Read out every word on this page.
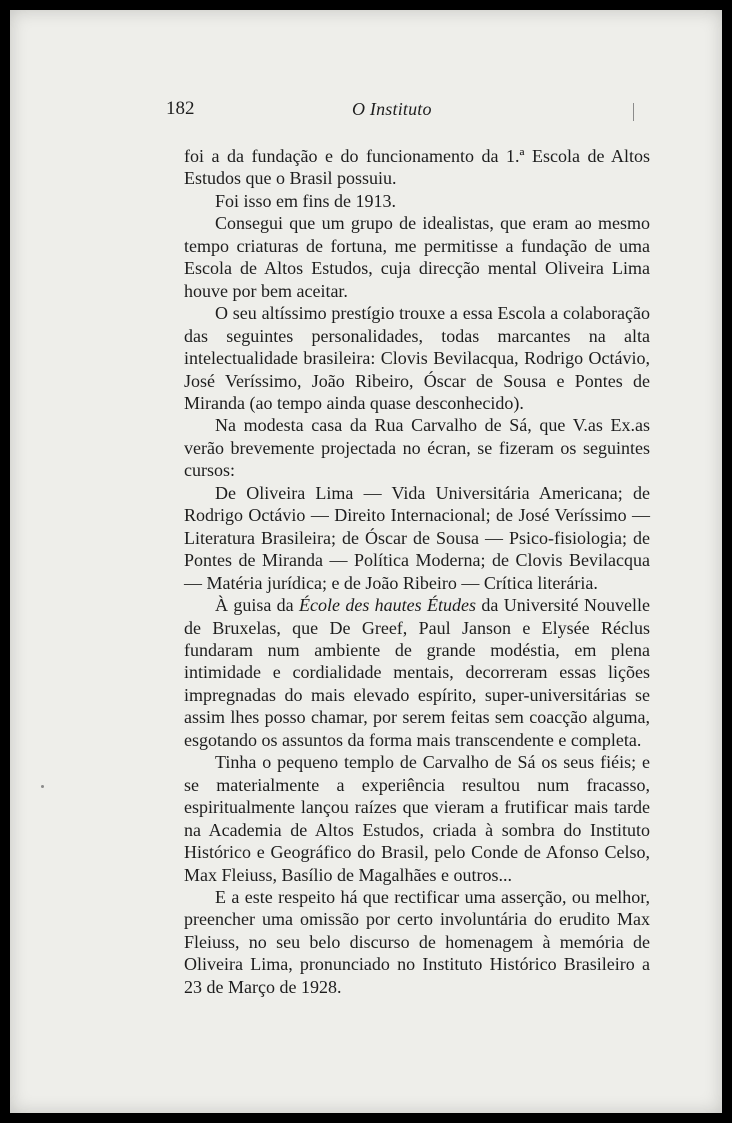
182	O Instituto

foi a da fundação e do funcionamento da 1.ª Escola de Altos Estudos que o Brasil possuiu.

Foi isso em fins de 1913.

Consegui que um grupo de idealistas, que eram ao mesmo tempo criaturas de fortuna, me permitisse a fundação de uma Escola de Altos Estudos, cuja direcção mental Oliveira Lima houve por bem aceitar.

O seu altíssimo prestígio trouxe a essa Escola a colaboração das seguintes personalidades, todas marcantes na alta intelectualidade brasileira: Clovis Bevilacqua, Rodrigo Octávio, José Veríssimo, João Ribeiro, Óscar de Sousa e Pontes de Miranda (ao tempo ainda quase desconhecido).

Na modesta casa da Rua Carvalho de Sá, que V.as Ex.as verão brevemente projectada no écran, se fizeram os seguintes cursos:

De Oliveira Lima — Vida Universitária Americana; de Rodrigo Octávio — Direito Internacional; de José Veríssimo — Literatura Brasileira; de Óscar de Sousa — Psico-fisiologia; de Pontes de Miranda — Política Moderna; de Clovis Bevilacqua — Matéria jurídica; e de João Ribeiro — Crítica literária.

À guisa da École des hautes Études da Université Nouvelle de Bruxelas, que De Greef, Paul Janson e Elysée Réclus fundaram num ambiente de grande modéstia, em plena intimidade e cordialidade mentais, decorreram essas lições impregnadas do mais elevado espírito, super-universitárias se assim lhes posso chamar, por serem feitas sem coacção alguma, esgotando os assuntos da forma mais transcendente e completa.

Tinha o pequeno templo de Carvalho de Sá os seus fiéis; e se materialmente a experiência resultou num fracasso, espiritualmente lançou raízes que vieram a frutificar mais tarde na Academia de Altos Estudos, criada à sombra do Instituto Histórico e Geográfico do Brasil, pelo Conde de Afonso Celso, Max Fleiuss, Basílio de Magalhães e outros...

E a este respeito há que rectificar uma asserção, ou melhor, preencher uma omissão por certo involuntária do erudito Max Fleiuss, no seu belo discurso de homenagem à memória de Oliveira Lima, pronunciado no Instituto Histórico Brasileiro a 23 de Março de 1928.
